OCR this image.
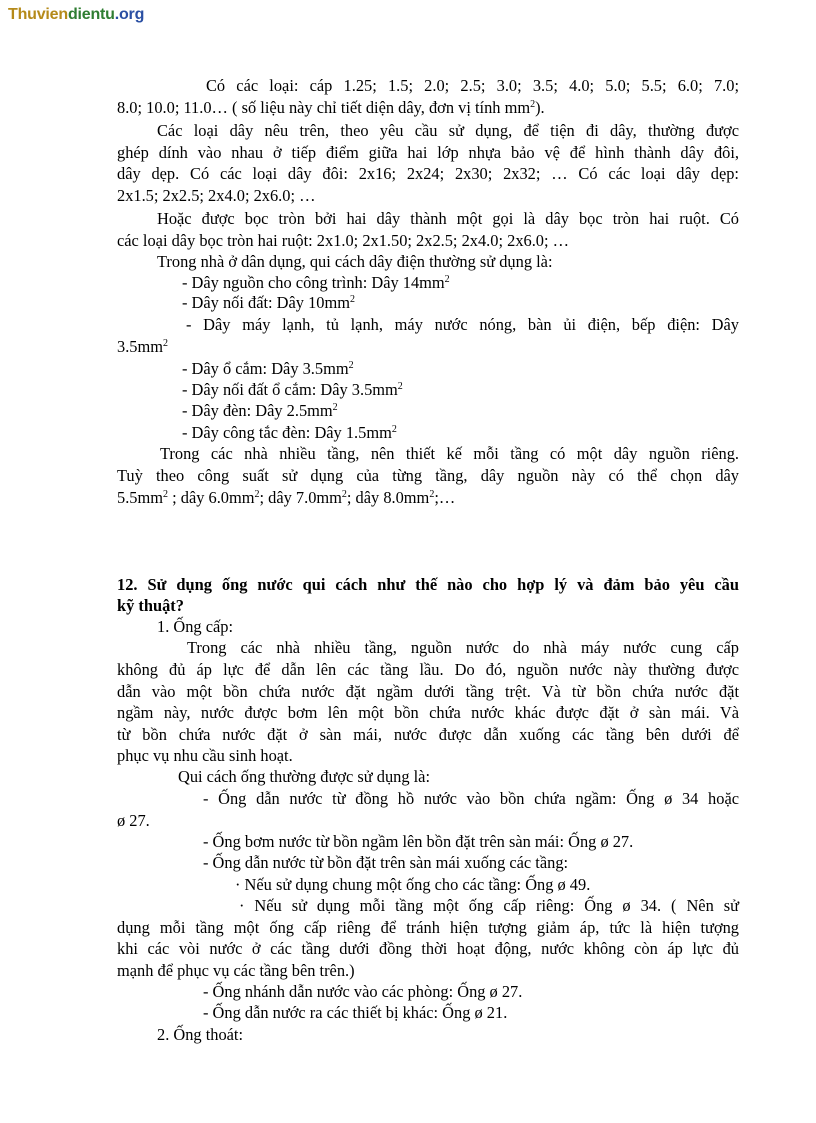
Thuviendientu.org
Có các loại: cáp 1.25; 1.5; 2.0; 2.5; 3.0; 3.5; 4.0; 5.0; 5.5; 6.0; 7.0;
8.0; 10.0; 11.0… ( số liệu này chỉ tiết diện dây, đơn vị tính $mm^2$).
Các loại dây nêu trên, theo yêu cầu sử dụng, để tiện đi dây, thường được
ghép dính vào nhau ở tiếp điểm giữa hai lớp nhựa bảo vệ để hình thành dây đôi,
dây dẹp. Có các loại dây đôi: 2x16; 2x24; 2x30; 2x32; … Có các loại dây dẹp:
2x1.5; 2x2.5; 2x4.0; 2x6.0; …
Hoặc được bọc tròn bởi hai dây thành một gọi là dây bọc tròn hai ruột. Có
các loại dây bọc tròn hai ruột: 2x1.0; 2x1.50; 2x2.5; 2x4.0; 2x6.0; …
Trong nhà ở dân dụng, qui cách dây điện thường sử dụng là:
- Dây nguồn cho công trình: Dây $14mm^2$
- Dây nối đất: Dây $10mm^2$
- Dây máy lạnh, tủ lạnh, máy nước nóng, bàn ủi điện, bếp điện: Dây
$3.5mm^2$
- Dây ổ cắm: Dây $3.5mm^2$
- Dây nối đất ổ cắm: Dây $3.5mm^2$
- Dây đèn: Dây $2.5mm^2$
- Dây công tắc đèn: Dây $1.5mm^2$
Trong các nhà nhiều tầng, nên thiết kế mỗi tầng có một dây nguồn riêng.
Tuỳ theo công suất sử dụng của từng tầng, dây nguồn này có thể chọn dây
$5.5mm^2$ ; dây $6.0mm^2$; dây $7.0mm^2$; dây $8.0mm^2;\dots$
12. Sử dụng ống nước qui cách như thế nào cho hợp lý và đảm bảo yêu cầu
kỹ thuật?
1. Ống cấp:
Trong các nhà nhiều tầng, nguồn nước do nhà máy nước cung cấp
không đủ áp lực để dẫn lên các tầng lầu. Do đó, nguồn nước này thường được
dẫn vào một bồn chứa nước đặt ngầm dưới tầng trệt. Và từ bồn chứa nước đặt
ngầm này, nước được bơm lên một bồn chứa nước khác được đặt ở sàn mái. Và
từ bồn chứa nước đặt ở sàn mái, nước được dẫn xuống các tầng bên dưới để
phục vụ nhu cầu sinh hoạt.
Qui cách ống thường được sử dụng là:
- Ống dẫn nước từ đồng hồ nước vào bồn chứa ngầm: Ống ø 34 hoặc
ø 27.
- Ống bơm nước từ bồn ngầm lên bồn đặt trên sàn mái: Ống ø 27.
- Ống dẫn nước từ bồn đặt trên sàn mái xuống các tầng:
· Nếu sử dụng chung một ống cho các tầng: Ống ø 49.
· Nếu sử dụng mỗi tầng một ống cấp riêng: Ống ø 34. ( Nên sử
dụng mỗi tầng một ống cấp riêng để tránh hiện tượng giảm áp, tức là hiện tượng
khi các vòi nước ở các tầng dưới đồng thời hoạt động, nước không còn áp lực đủ
mạnh để phục vụ các tầng bên trên.)
- Ống nhánh dẫn nước vào các phòng: Ống ø 27.
- Ống dẫn nước ra các thiết bị khác: Ống ø 21.
2. Ống thoát:
